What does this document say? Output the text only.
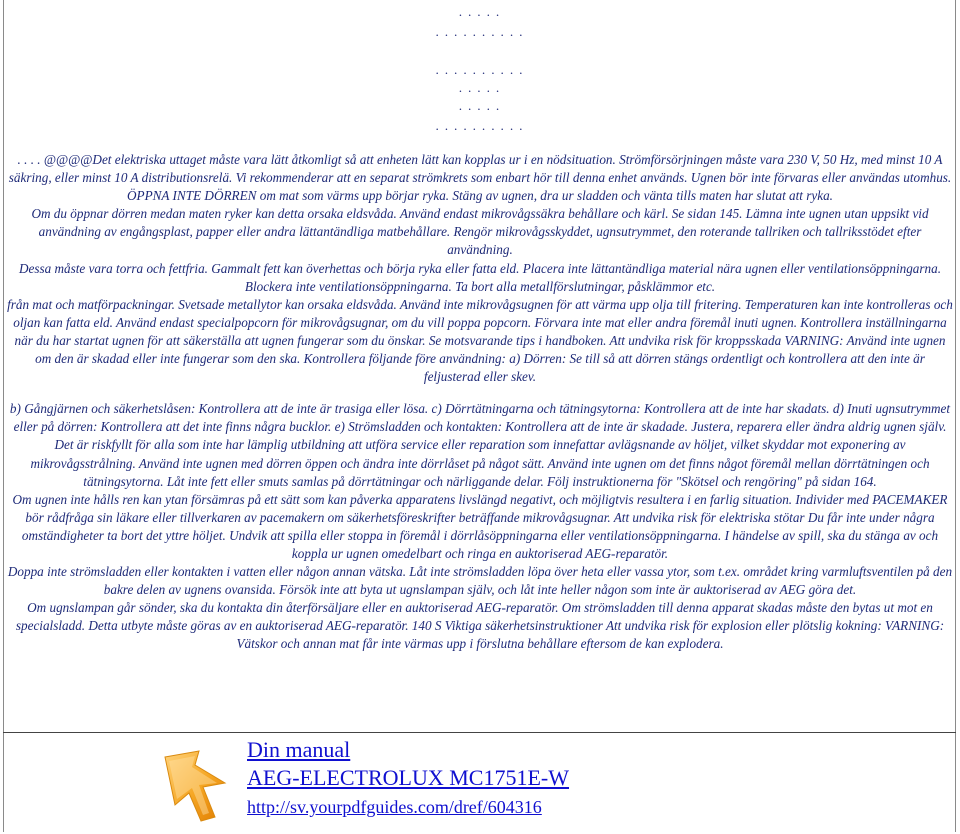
. . . . .
. . . . . . . . . .
. . . . . . . . . .
. . . . .
. . . . .
. . . . . . . . . .

. . . . @@@@Det elektriska uttaget måste vara lätt åtkomligt så att enheten lätt kan kopplas ur i en nödsituation. Strömförsörjningen måste vara 230 V, 50 Hz, med minst 10 A säkring, eller minst 10 A distributionsrelä. Vi rekommenderar att en separat strömkrets som enbart hör till denna enhet används. Ugnen bör inte förvaras eller användas utomhus. ÖPPNA INTE DÖRREN om mat som värms upp börjar ryka. Stäng av ugnen, dra ur sladden och vänta tills maten har slutat att ryka.

Om du öppnar dörren medan maten ryker kan detta orsaka eldsvåda. Använd endast mikrovågssäkra behållare och kärl. Se sidan 145. Lämna inte ugnen utan uppsikt vid användning av engångsplast, papper eller andra lättantändliga matbehållare. Rengör mikrovågsskyddet, ugnsutrymmet, den roterande tallriken och tallriksstödet efter användning.

Dessa måste vara torra och fettfria. Gammalt fett kan överhettas och börja ryka eller fatta eld. Placera inte lättantändliga material nära ugnen eller ventilationsöppningarna. Blockera inte ventilationsöppningarna. Ta bort alla metallförslutningar, påsklämmor etc.

från mat och matförpackningar. Svetsade metallytor kan orsaka eldsvåda. Använd inte mikrovågsugnen för att värma upp olja till fritering. Temperaturen kan inte kontrolleras och oljan kan fatta eld. Använd endast specialpopcorn för mikrovågsugnar, om du vill poppa popcorn. Förvara inte mat eller andra föremål inuti ugnen. Kontrollera inställningarna när du har startat ugnen för att säkerställa att ugnen fungerar som du önskar. Se motsvarande tips i handboken. Att undvika risk för kroppsskada VARNING: Använd inte ugnen om den är skadad eller inte fungerar som den ska. Kontrollera följande före användning: a) Dörren: Se till så att dörren stängs ordentligt och kontrollera att den inte är feljusterad eller skev.

b) Gångjärnen och säkerhetslåsen: Kontrollera att de inte är trasiga eller lösa. c) Dörrtätningarna och tätningsytorna: Kontrollera att de inte har skadats. d) Inuti ugnsutrymmet eller på dörren: Kontrollera att det inte finns några bucklor. e) Strömsladden och kontakten: Kontrollera att de inte är skadade. Justera, reparera eller ändra aldrig ugnen själv. Det är riskfyllt för alla som inte har lämplig utbildning att utföra service eller reparation som innefattar avlägsnande av höljet, vilket skyddar mot exponering av mikrovågsstrålning. Använd inte ugnen med dörren öppen och ändra inte dörrlåset på något sätt. Använd inte ugnen om det finns något föremål mellan dörrtätningen och tätningsytorna. Låt inte fett eller smuts samlas på dörrtätningar och närliggande delar. Följ instruktionerna för "Skötsel och rengöring" på sidan 164.

Om ugnen inte hålls ren kan ytan försämras på ett sätt som kan påverka apparatens livslängd negativt, och möjligtvis resultera i en farlig situation. Individer med PACEMAKER bör rådfråga sin läkare eller tillverkaren av pacemakern om säkerhetsföreskrifter beträffande mikrovågsugnar. Att undvika risk för elektriska stötar Du får inte under några omständigheter ta bort det yttre höljet. Undvik att spilla eller stoppa in föremål i dörrlåsöppningarna eller ventilationsöppningarna. I händelse av spill, ska du stänga av och koppla ur ugnen omedelbart och ringa en auktoriserad AEG-reparatör.

Doppa inte strömsladden eller kontakten i vatten eller någon annan vätska. Låt inte strömsladden löpa över heta eller vassa ytor, som t.ex. området kring varmluftsventilen på den bakre delen av ugnens ovansida. Försök inte att byta ut ugnslampan själv, och låt inte heller någon som inte är auktoriserad av AEG göra det.

Om ugnslampan går sönder, ska du kontakta din återförsäljare eller en auktoriserad AEG-reparatör. Om strömsladden till denna apparat skadas måste den bytas ut mot en specialsladd. Detta utbyte måste göras av en auktoriserad AEG-reparatör. 140 S Viktiga säkerhetsinstruktioner Att undvika risk för explosion eller plötslig kokning: VARNING: Vätskor och annan mat får inte värmas upp i förslutna behållare eftersom de kan explodera.

Din manual
AEG-ELECTROLUX MC1751E-W
http://sv.yourpdfguides.com/dref/604316
